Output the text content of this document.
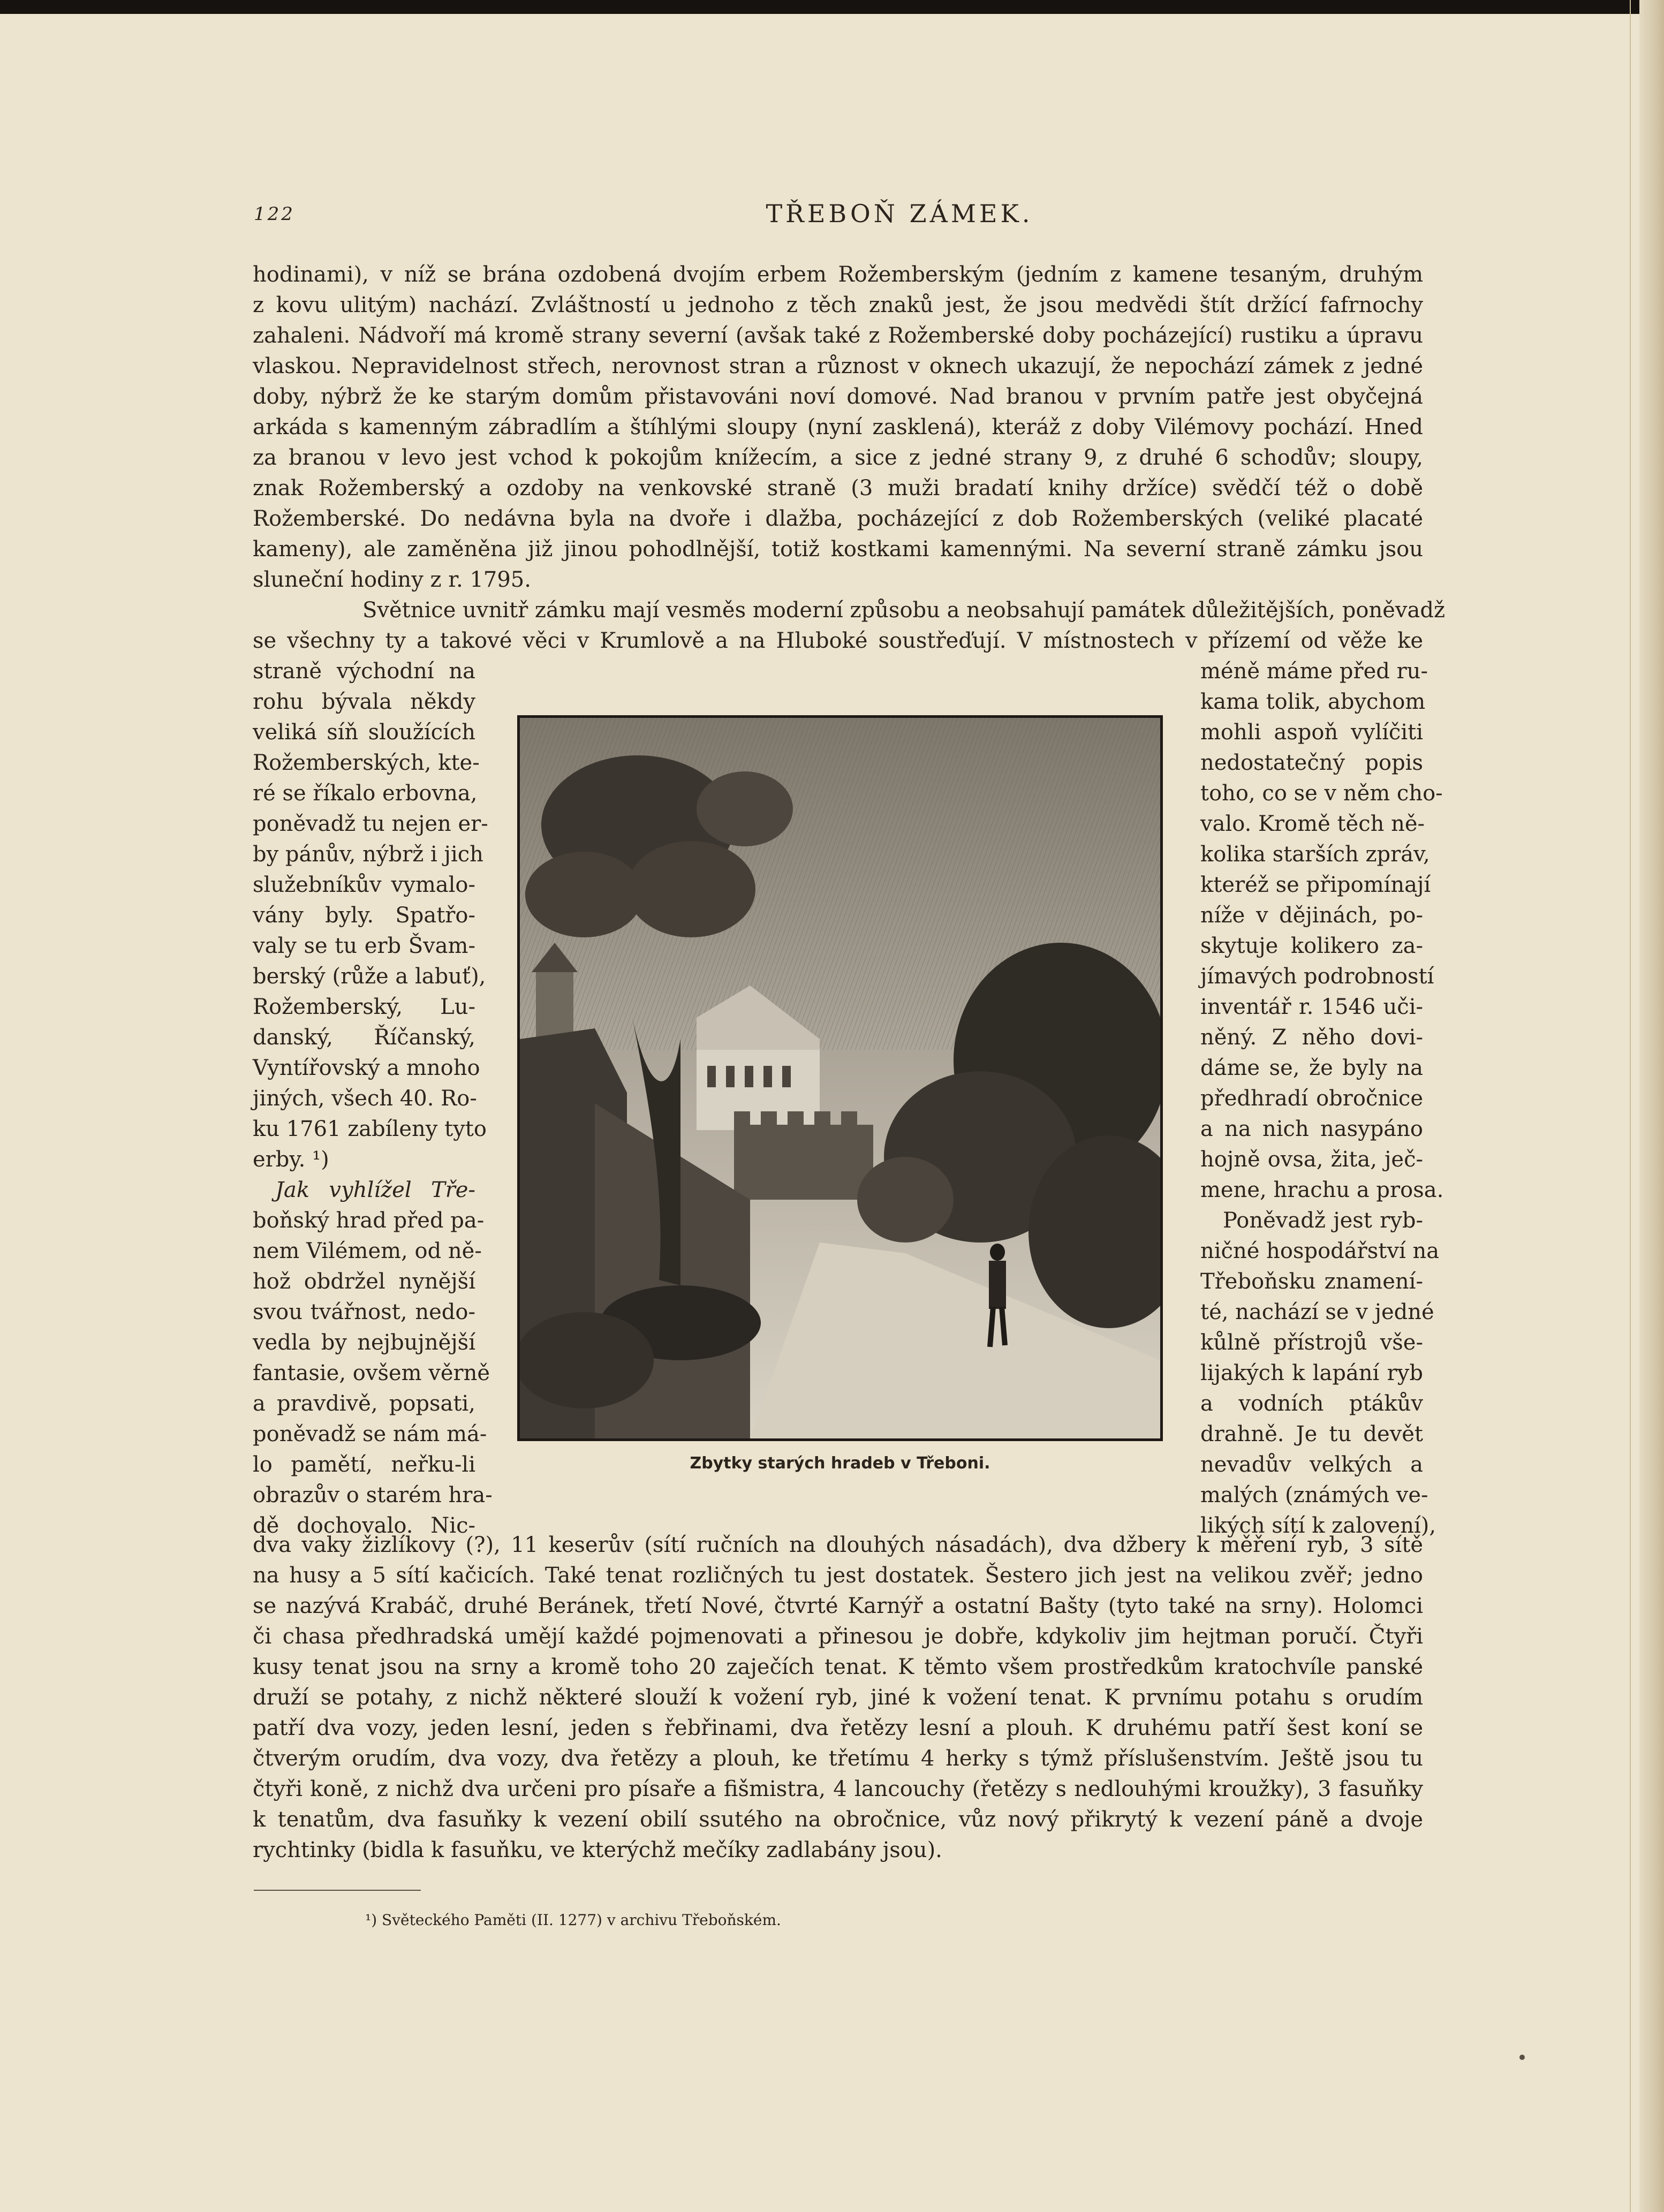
122	TŘEBOŇ ZÁMEK.
hodinami), v níž se brána ozdobená dvojím erbem Rožemberským (jedním z kamene tesaným, druhým
z kovu ulitým) nachází. Zvláštností u jednoho z těch znaků jest, že jsou medvědi štít držící fafrnochy
zahaleni. Nádvoří má kromě strany severní (avšak také z Rožemberské doby pocházející) rustiku a úpravu
vlaskou. Nepravidelnost střech, nerovnost stran a různost v oknech ukazují, že nepochází zámek z jedné
doby, nýbrž že ke starým domům přistavováni noví domové. Nad branou v prvním patře jest obyčejná
arkáda s kamenným zábradlím a štíhlými sloupy (nyní zasklená), kteráž z doby Vilémovy pochází. Hned
za branou v levo jest vchod k pokojům knížecím, a sice z jedné strany 9, z druhé 6 schodův; sloupy,
znak Rožemberský a ozdoby na venkovské straně (3 muži bradatí knihy držíce) svědčí též o době
Rožemberské. Do nedávna byla na dvoře i dlažba, pocházející z dob Rožemberských (veliké placaté
kameny), ale zaměněna již jinou pohodlnější, totiž kostkami kamennými. Na severní straně zámku jsou
sluneční hodiny z r. 1795.
Světnice uvnitř zámku mají vesměs moderní způsobu a neobsahují památek důležitějších, poněvadž
se všechny ty a takové věci v Krumlově a na Hluboké soustřeďují. V místnostech v přízemí od věže ke
straně východní na
rohu bývala někdy
veliká síň sloužících
Rožemberských, kte-
ré se říkalo erbovna,
poněvadž tu nejen er-
by pánův, nýbrž i jich
služebníkův vymalo-
vány byly. Spatřo-
valy se tu erb Švam-
berský (růže a labuť),
Rožemberský, Lu-
danský, Říčanský,
Vyntířovský a mnoho
jiných, všech 40. Ro-
ku 1761 zabíleny tyto
erby. ¹)
Jak vyhlížel Tře-
boňský hrad před pa-
nem Vilémem, od ně-
hož obdržel nynější
svou tvářnost, nedo-
vedla by nejbujnější
fantasie, ovšem věrně
a pravdivě, popsati,
poněvadž se nám má-
lo pamětí, neřku-li
obrazův o starém hra-
dě dochovalo. Nic-
méně máme před ru-
kama tolik, abychom
mohli aspoň vylíčiti
nedostatečný popis
toho, co se v něm cho-
valo. Kromě těch ně-
kolika starších zpráv,
kteréž se připomínají
níže v dějinách, po-
skytuje kolikero za-
jímavých podrobností
inventář r. 1546 uči-
něný. Z něho dovi-
dáme se, že byly na
předhradí obročnice
a na nich nasypáno
hojně ovsa, žita, ječ-
mene, hrachu a prosa.
Poněvadž jest ryb-
ničné hospodářství na
Třeboňsku znamení-
té, nachází se v jedné
kůlně přístrojů vše-
lijakých k lapání ryb
a vodních ptákův
drahně. Je tu devět
nevadův velkých a
malých (známých ve-
likých sítí k zalovení),
Zbytky starých hradeb v Třeboni.
dva vaky žizlíkovy (?), 11 keserův (sítí ručních na dlouhých násadách), dva džbery k měření ryb, 3 sítě
na husy a 5 sítí kačicích. Také tenat rozličných tu jest dostatek. Šestero jich jest na velikou zvěř; jedno
se nazývá Krabáč, druhé Beránek, třetí Nové, čtvrté Karnýř a ostatní Bašty (tyto také na srny). Holomci
či chasa předhradská umějí každé pojmenovati a přinesou je dobře, kdykoliv jim hejtman poručí. Čtyři
kusy tenat jsou na srny a kromě toho 20 zaječích tenat. K těmto všem prostředkům kratochvíle panské
druží se potahy, z nichž některé slouží k vožení ryb, jiné k vožení tenat. K prvnímu potahu s orudím
patří dva vozy, jeden lesní, jeden s řebřinami, dva řetězy lesní a plouh. K druhému patří šest koní se
čtverým orudím, dva vozy, dva řetězy a plouh, ke třetímu 4 herky s týmž příslušenstvím. Ještě jsou tu
čtyři koně, z nichž dva určeni pro písaře a fišmistra, 4 lancouchy (řetězy s nedlouhými kroužky), 3 fasuňky
k tenatům, dva fasuňky k vezení obilí ssutého na obročnice, vůz nový přikrytý k vezení páně a dvoje
rychtinky (bidla k fasuňku, ve kterýchž mečíky zadlabány jsou).
¹) Světeckého Paměti (II. 1277) v archivu Třeboňském.
